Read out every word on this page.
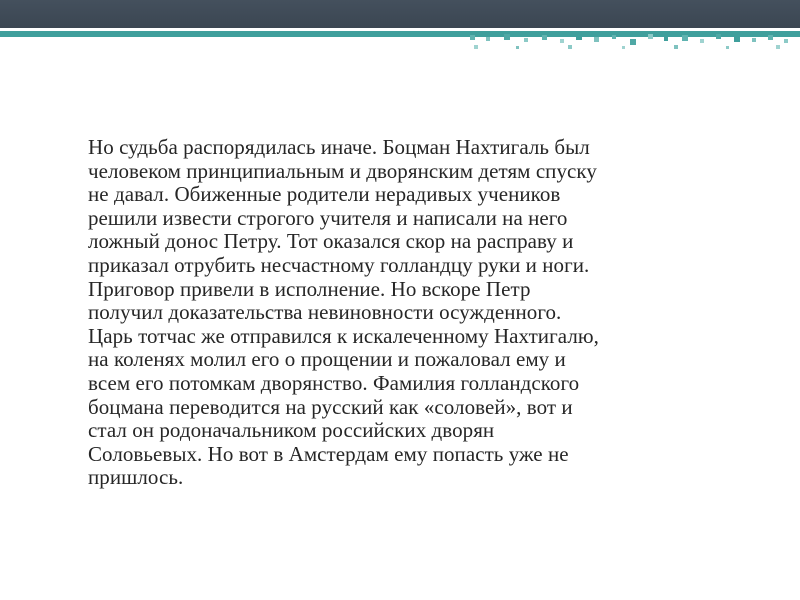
Но судьба распорядилась иначе. Боцман Нахтигаль был
человеком принципиальным и дворянским детям спуску
не давал. Обиженные родители нерадивых учеников
решили извести строгого учителя и написали на него
ложный донос Петру. Тот оказался скор на расправу и
приказал отрубить несчастному голландцу руки и ноги.
Приговор привели в исполнение. Но вскоре Петр
получил доказательства невиновности осужденного.
Царь тотчас же отправился к искалеченному Нахтигалю,
на коленях молил его о прощении и пожаловал ему и
всем его потомкам дворянство. Фамилия голландского
боцмана переводится на русский как «соловей», вот и
стал он родоначальником российских дворян
Соловьевых. Но вот в Амстердам ему попасть уже не
пришлось.
